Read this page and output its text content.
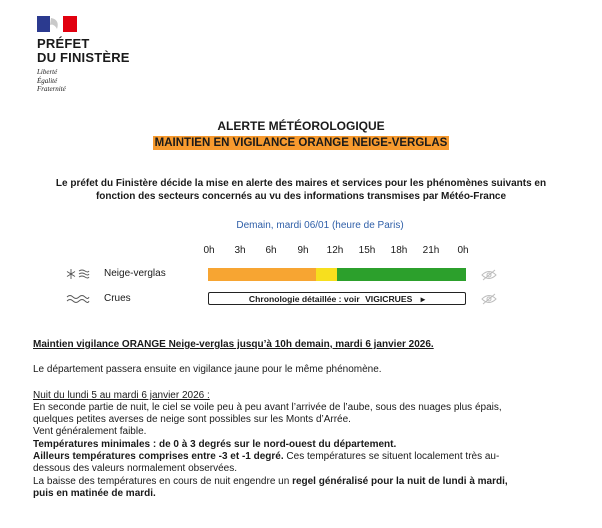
PRÉFET
DU FINISTÈRE
Liberté
Égalité
Fraternité
ALERTE MÉTÉOROLOGIQUE
MAINTIEN EN VIGILANCE ORANGE NEIGE-VERGLAS
Le préfet du Finistère décide la mise en alerte des maires et services pour les phénomènes suivants en
fonction des secteurs concernés au vu des informations transmises par Météo-France
Demain, mardi 06/01 (heure de Paris)
0h	3h	6h	9h	12h	15h	18h	21h	0h
Neige-verglas
Crues	Chronologie détaillée : voir VIGICRUES ▸
Maintien vigilance ORANGE Neige-verglas jusqu’à 10h demain, mardi 6 janvier 2026.
Le département passera ensuite en vigilance jaune pour le même phénomène.
Nuit du lundi 5 au mardi 6 janvier 2026 :
En seconde partie de nuit, le ciel se voile peu à peu avant l’arrivée de l’aube, sous des nuages plus épais,
quelques petites averses de neige sont possibles sur les Monts d’Arrée.
Vent généralement faible.
Températures minimales : de 0 à 3 degrés sur le nord-ouest du département.
Ailleurs températures comprises entre -3 et -1 degré. Ces températures se situent localement très au-
dessous des valeurs normalement observées.
La baisse des températures en cours de nuit engendre un regel généralisé pour la nuit de lundi à mardi,
puis en matinée de mardi.
